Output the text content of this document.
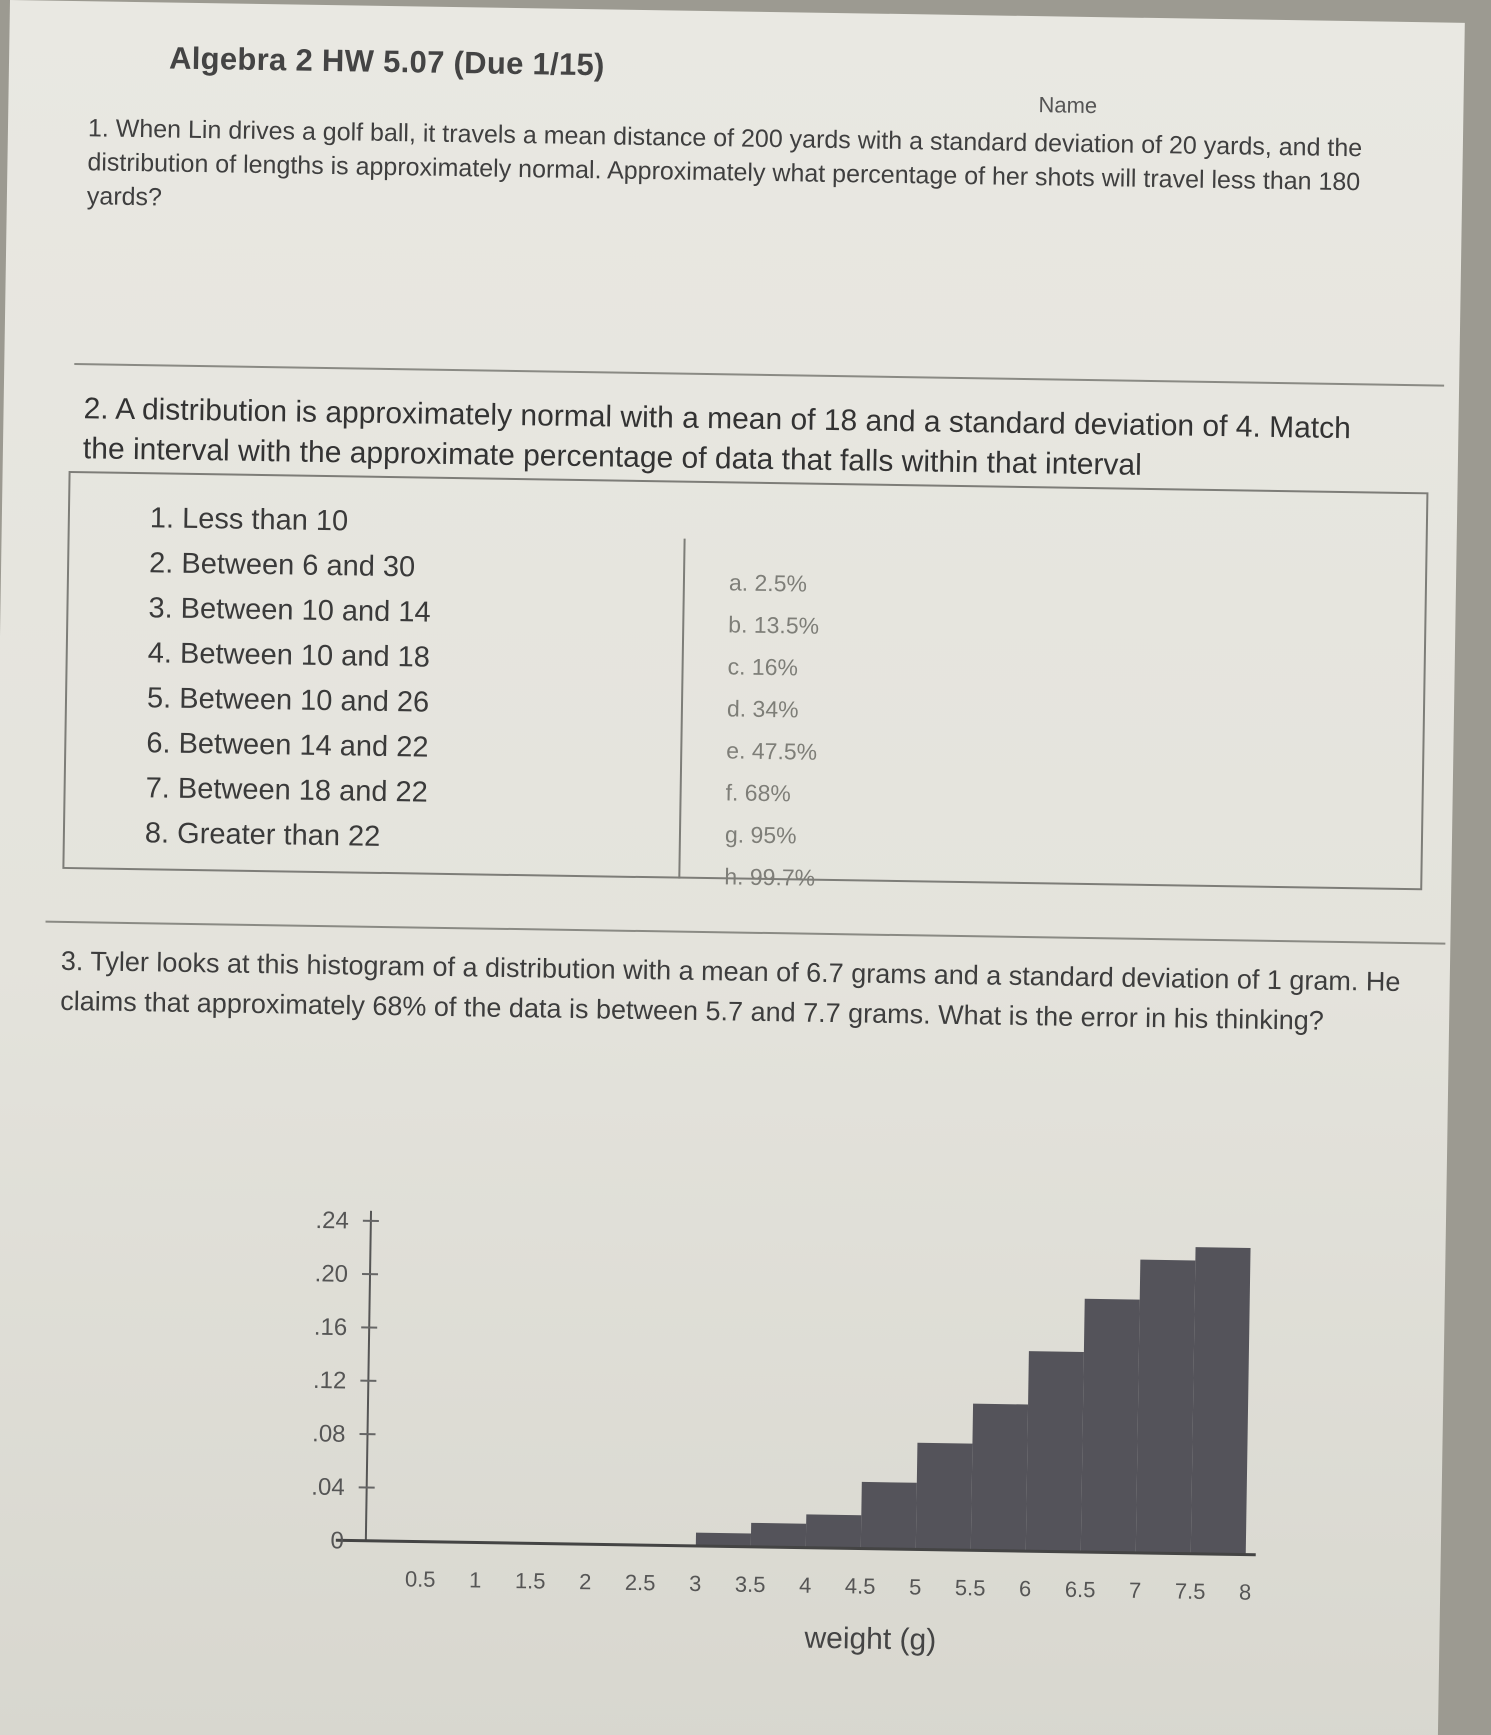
Algebra 2 HW 5.07 (Due 1/15)
Name
1. When Lin drives a golf ball, it travels a mean distance of 200 yards with a standard deviation of 20 yards, and the distribution of lengths is approximately normal. Approximately what percentage of her shots will travel less than 180 yards?
2. A distribution is approximately normal with a mean of 18 and a standard deviation of 4. Match
the interval with the approximate percentage of data that falls within that interval
1. Less than 10
2. Between 6 and 30
3. Between 10 and 14
4. Between 10 and 18
5. Between 10 and 26
6. Between 14 and 22
7. Between 18 and 22
8. Greater than 22
a. 2.5%
b. 13.5%
c. 16%
d. 34%
e. 47.5%
f. 68%
g. 95%
h. 99.7%
3. Tyler looks at this histogram of a distribution with a mean of 6.7 grams and a standard deviation of 1 gram. He claims that approximately 68% of the data is between 5.7 and 7.7 grams. What is the error in his thinking?
0
.04
.08
.12
.16
.20
.24
0.5 1 1.5 2 2.5 3 3.5 4 4.5 5 5.5 6 6.5 7 7.5 8
weight (g)
